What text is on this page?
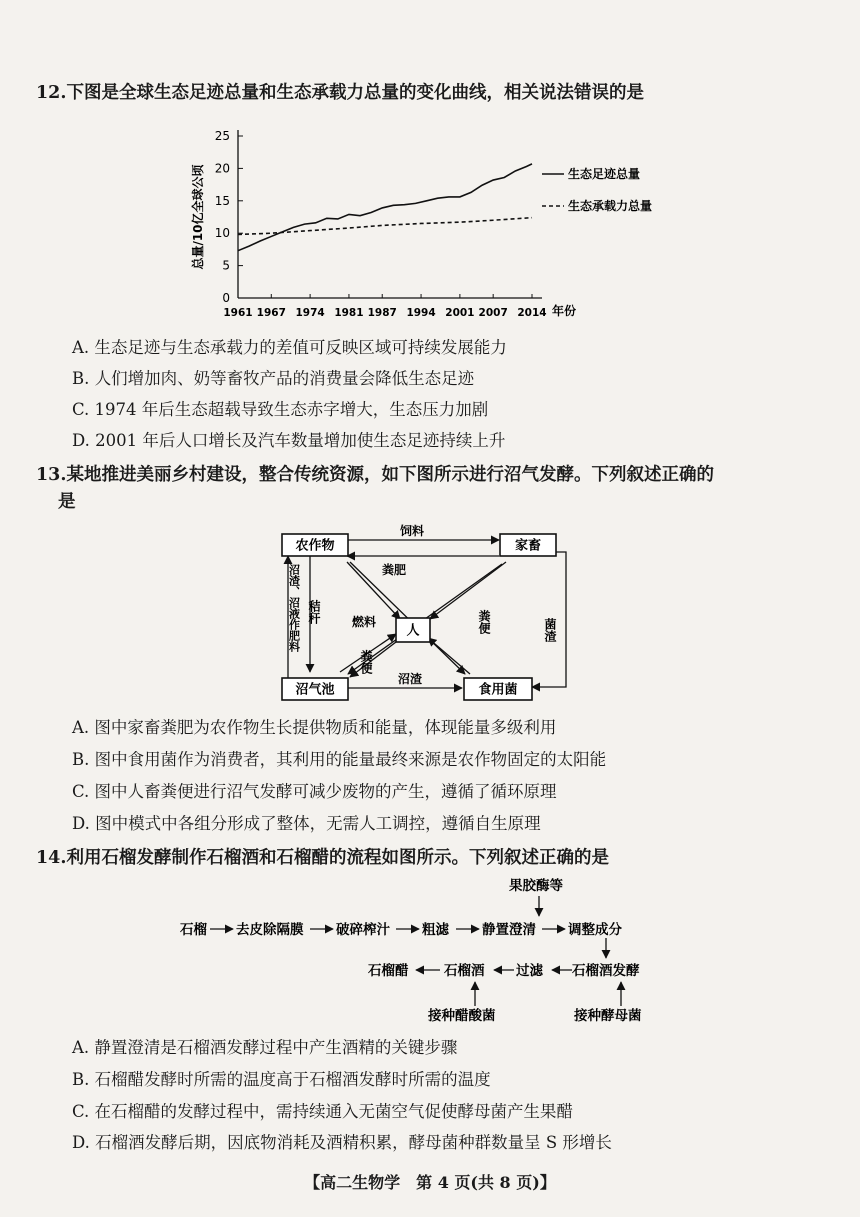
12.下图是全球生态足迹总量和生态承载力总量的变化曲线，相关说法错误的是
0
5
10
15
20
25
1961 1967 1974 1981 1987 1994 2001 2007 2014 年份
总量/10亿全球公顷	生态足迹总量
生态承载力总量
A. 生态足迹与生态承载力的差值可反映区域可持续发展能力
B. 人们增加肉、奶等畜牧产品的消费量会降低生态足迹
C. 1974 年后生态超载导致生态赤字增大，生态压力加剧
D. 2001 年后人口增长及汽车数量增加使生态足迹持续上升
13.某地推进美丽乡村建设，整合传统资源，如下图所示进行沼气发酵。下列叙述正确的
是
农作物	家畜
人
沼气池	食用菌
饲料
粪肥
秸秆
沼渣、沼液作肥料	燃料
粪便
粪便	菌渣
沼渣
A. 图中家畜粪肥为农作物生长提供物质和能量，体现能量多级利用
B. 图中食用菌作为消费者，其利用的能量最终来源是农作物固定的太阳能
C. 图中人畜粪便进行沼气发酵可减少废物的产生，遵循了循环原理
D. 图中模式中各组分形成了整体，无需人工调控，遵循自生原理
14.利用石榴发酵制作石榴酒和石榴醋的流程如图所示。下列叙述正确的是
果胶酶等
石榴 去皮除隔膜 破碎榨汁 粗滤 静置澄清 调整成分
石榴酒发酵
过滤
石榴酒
石榴醋
接种醋酸菌	接种酵母菌
A. 静置澄清是石榴酒发酵过程中产生酒精的关键步骤
B. 石榴醋发酵时所需的温度高于石榴酒发酵时所需的温度
C. 在石榴醋的发酵过程中，需持续通入无菌空气促使酵母菌产生果醋
D. 石榴酒发酵后期，因底物消耗及酒精积累，酵母菌种群数量呈 S 形增长
【高二生物学　第 4 页(共 8 页)】
